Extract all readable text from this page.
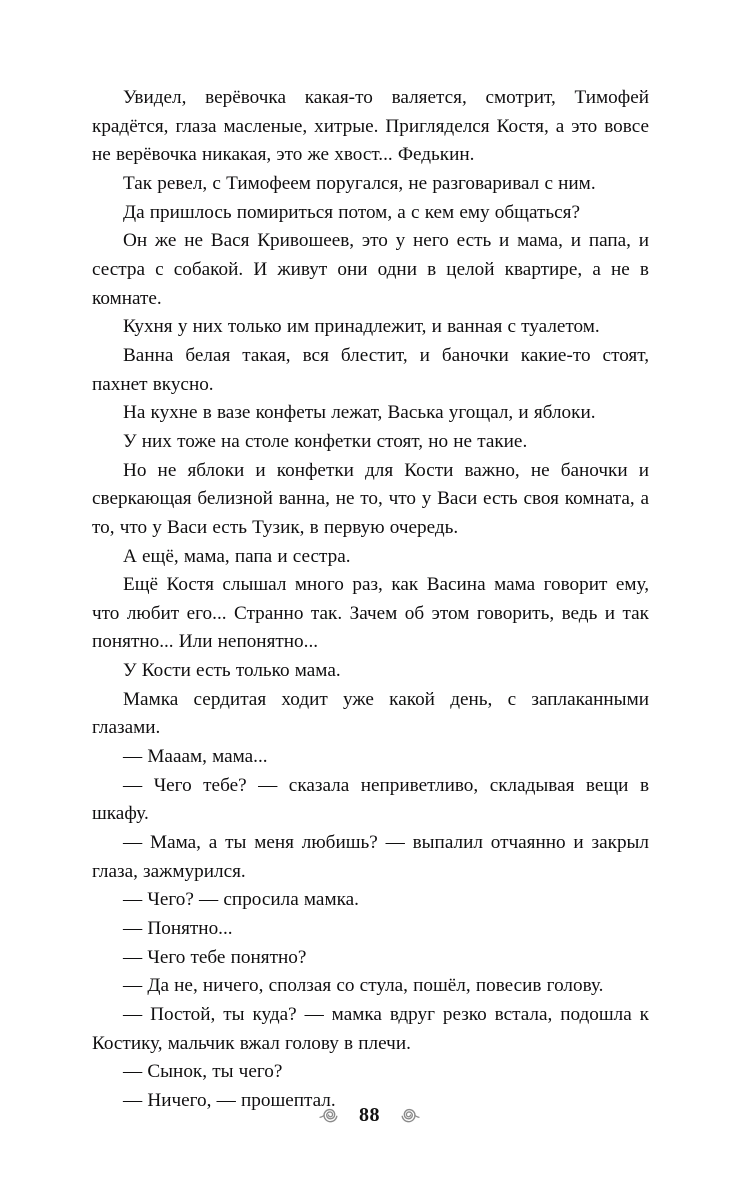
Увидел, верёвочка какая-то валяется, смотрит, Тимофей крадётся, глаза масленые, хитрые. Пригляделся Костя, а это вовсе не верёвочка никакая, это же хвост... Федькин.

Так ревел, с Тимофеем поругался, не разговаривал с ним.

Да пришлось помириться потом, а с кем ему общаться?

Он же не Вася Кривошеев, это у него есть и мама, и папа, и сестра с собакой. И живут они одни в целой квартире, а не в комнате.

Кухня у них только им принадлежит, и ванная с туалетом.

Ванна белая такая, вся блестит, и баночки какие-то стоят, пахнет вкусно.

На кухне в вазе конфеты лежат, Васька угощал, и яблоки.

У них тоже на столе конфетки стоят, но не такие.

Но не яблоки и конфетки для Кости важно, не баночки и сверкающая белизной ванна, не то, что у Васи есть своя комната, а то, что у Васи есть Тузик, в первую очередь.

А ещё, мама, папа и сестра.

Ещё Костя слышал много раз, как Васина мама говорит ему, что любит его... Странно так. Зачем об этом говорить, ведь и так понятно... Или непонятно...

У Кости есть только мама.

Мамка сердитая ходит уже какой день, с заплаканными глазами.

— Мааам, мама...

— Чего тебе? — сказала неприветливо, складывая вещи в шкафу.

— Мама, а ты меня любишь? — выпалил отчаянно и закрыл глаза, зажмурился.

— Чего? — спросила мамка.

— Понятно...

— Чего тебе понятно?

— Да не, ничего, сползая со стула, пошёл, повесив голову.

— Постой, ты куда? — мамка вдруг резко встала, подошла к Костику, мальчик вжал голову в плечи.

— Сынок, ты чего?

— Ничего, — прошептал.

88
